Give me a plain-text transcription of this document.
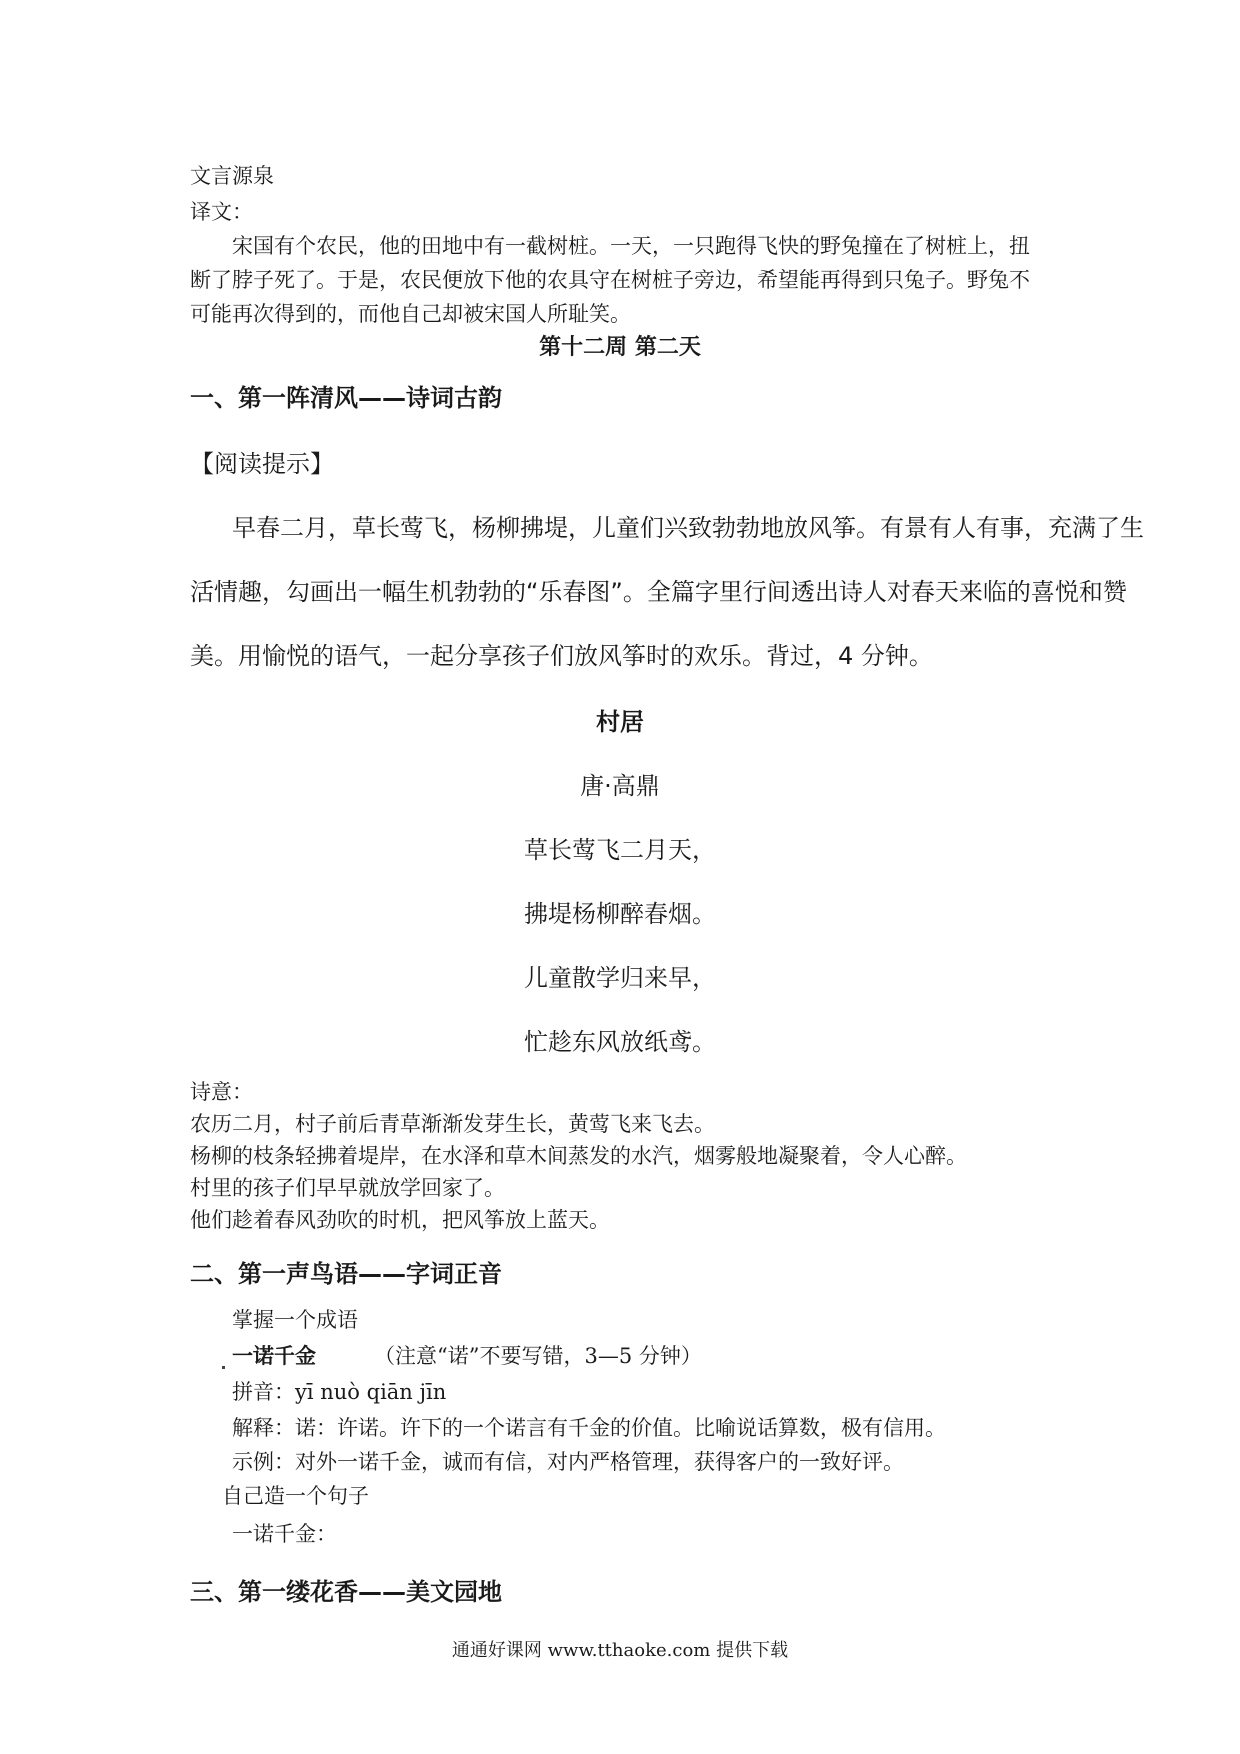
文言源泉

译文：

宋国有个农民，他的田地中有一截树桩。一天，一只跑得飞快的野兔撞在了树桩上，扭

断了脖子死了。于是，农民便放下他的农具守在树桩子旁边，希望能再得到只兔子。野兔不

可能再次得到的，而他自己却被宋国人所耻笑。

第十二周 第二天

一、第一阵清风——诗词古韵

【阅读提示】

早春二月，草长莺飞，杨柳拂堤，儿童们兴致勃勃地放风筝。有景有人有事，充满了生

活情趣，勾画出一幅生机勃勃的“乐春图”。全篇字里行间透出诗人对春天来临的喜悦和赞

美。用愉悦的语气，一起分享孩子们放风筝时的欢乐。背过，4 分钟。

村居

唐·高鼎

草长莺飞二月天，

拂堤杨柳醉春烟。

儿童散学归来早，

忙趁东风放纸鸢。

诗意：

农历二月，村子前后青草渐渐发芽生长，黄莺飞来飞去。

杨柳的枝条轻拂着堤岸，在水泽和草木间蒸发的水汽，烟雾般地凝聚着，令人心醉。

村里的孩子们早早就放学回家了。

他们趁着春风劲吹的时机，把风筝放上蓝天。

二、第一声鸟语——字词正音

掌握一个成语

一诺千金	（注意“诺”不要写错，3—5 分钟）

拼音：yī nuò qiān jīn

解释：诺：许诺。许下的一个诺言有千金的价值。比喻说话算数，极有信用。

示例：对外一诺千金，诚而有信，对内严格管理，获得客户的一致好评。

自己造一个句子

一诺千金：

三、第一缕花香——美文园地

通通好课网 www.tthaoke.com 提供下载
